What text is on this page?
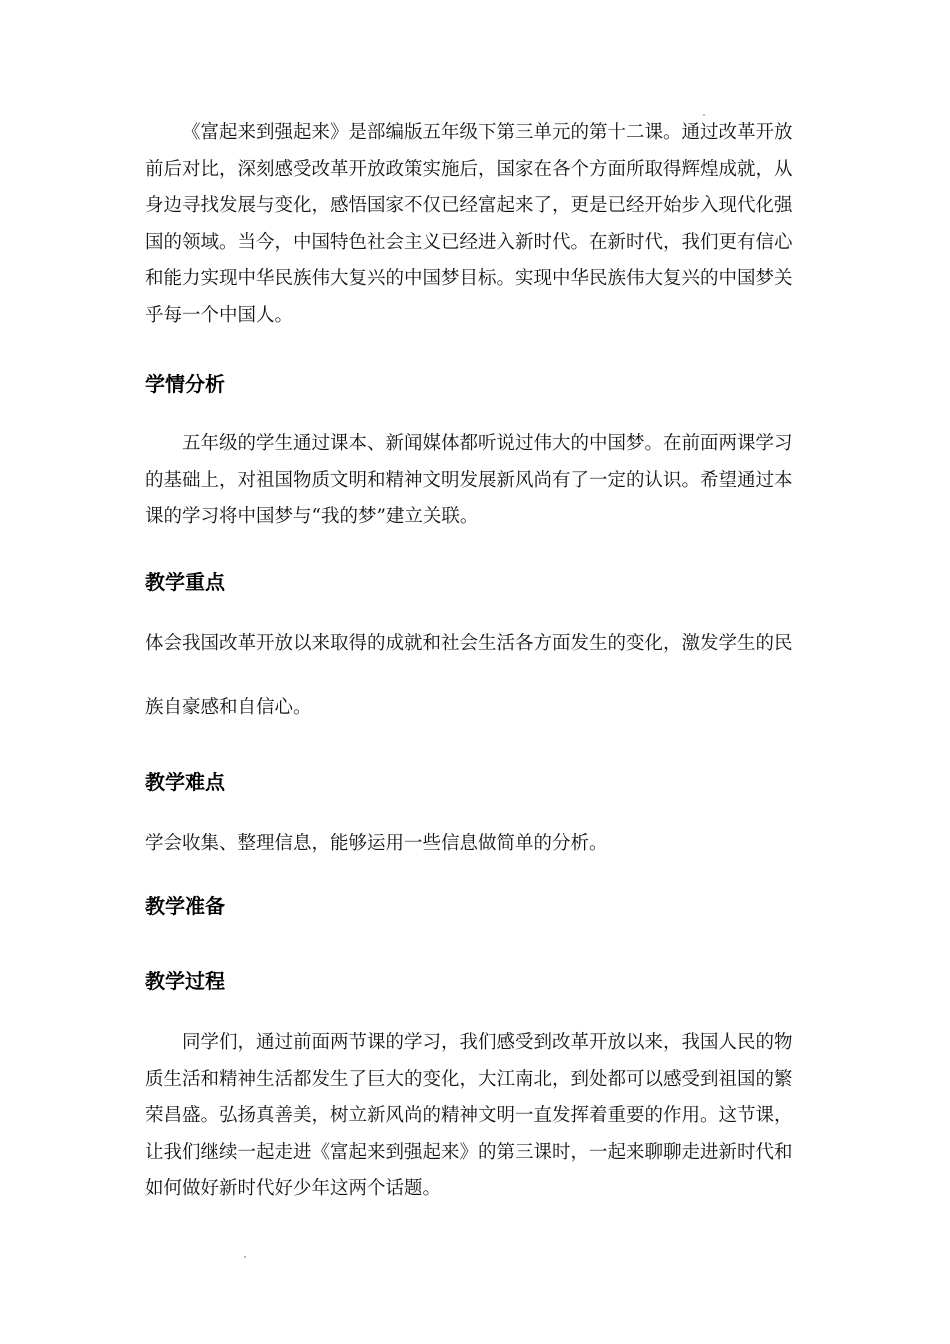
《富起来到强起来》是部编版五年级下第三单元的第十二课。通过改革开放前后对比，深刻感受改革开放政策实施后，国家在各个方面所取得辉煌成就，从身边寻找发展与变化，感悟国家不仅已经富起来了，更是已经开始步入现代化强国的领域。当今，中国特色社会主义已经进入新时代。在新时代，我们更有信心和能力实现中华民族伟大复兴的中国梦目标。实现中华民族伟大复兴的中国梦关乎每一个中国人。

学情分析

五年级的学生通过课本、新闻媒体都听说过伟大的中国梦。在前面两课学习的基础上，对祖国物质文明和精神文明发展新风尚有了一定的认识。希望通过本课的学习将中国梦与“我的梦”建立关联。

教学重点

体会我国改革开放以来取得的成就和社会生活各方面发生的变化，激发学生的民族自豪感和自信心。

教学难点

学会收集、整理信息，能够运用一些信息做简单的分析。

教学准备
教学过程

同学们，通过前面两节课的学习，我们感受到改革开放以来，我国人民的物质生活和精神生活都发生了巨大的变化，大江南北，到处都可以感受到祖国的繁荣昌盛。弘扬真善美，树立新风尚的精神文明一直发挥着重要的作用。这节课，让我们继续一起走进《富起来到强起来》的第三课时，一起来聊聊走进新时代和如何做好新时代好少年这两个话题。
